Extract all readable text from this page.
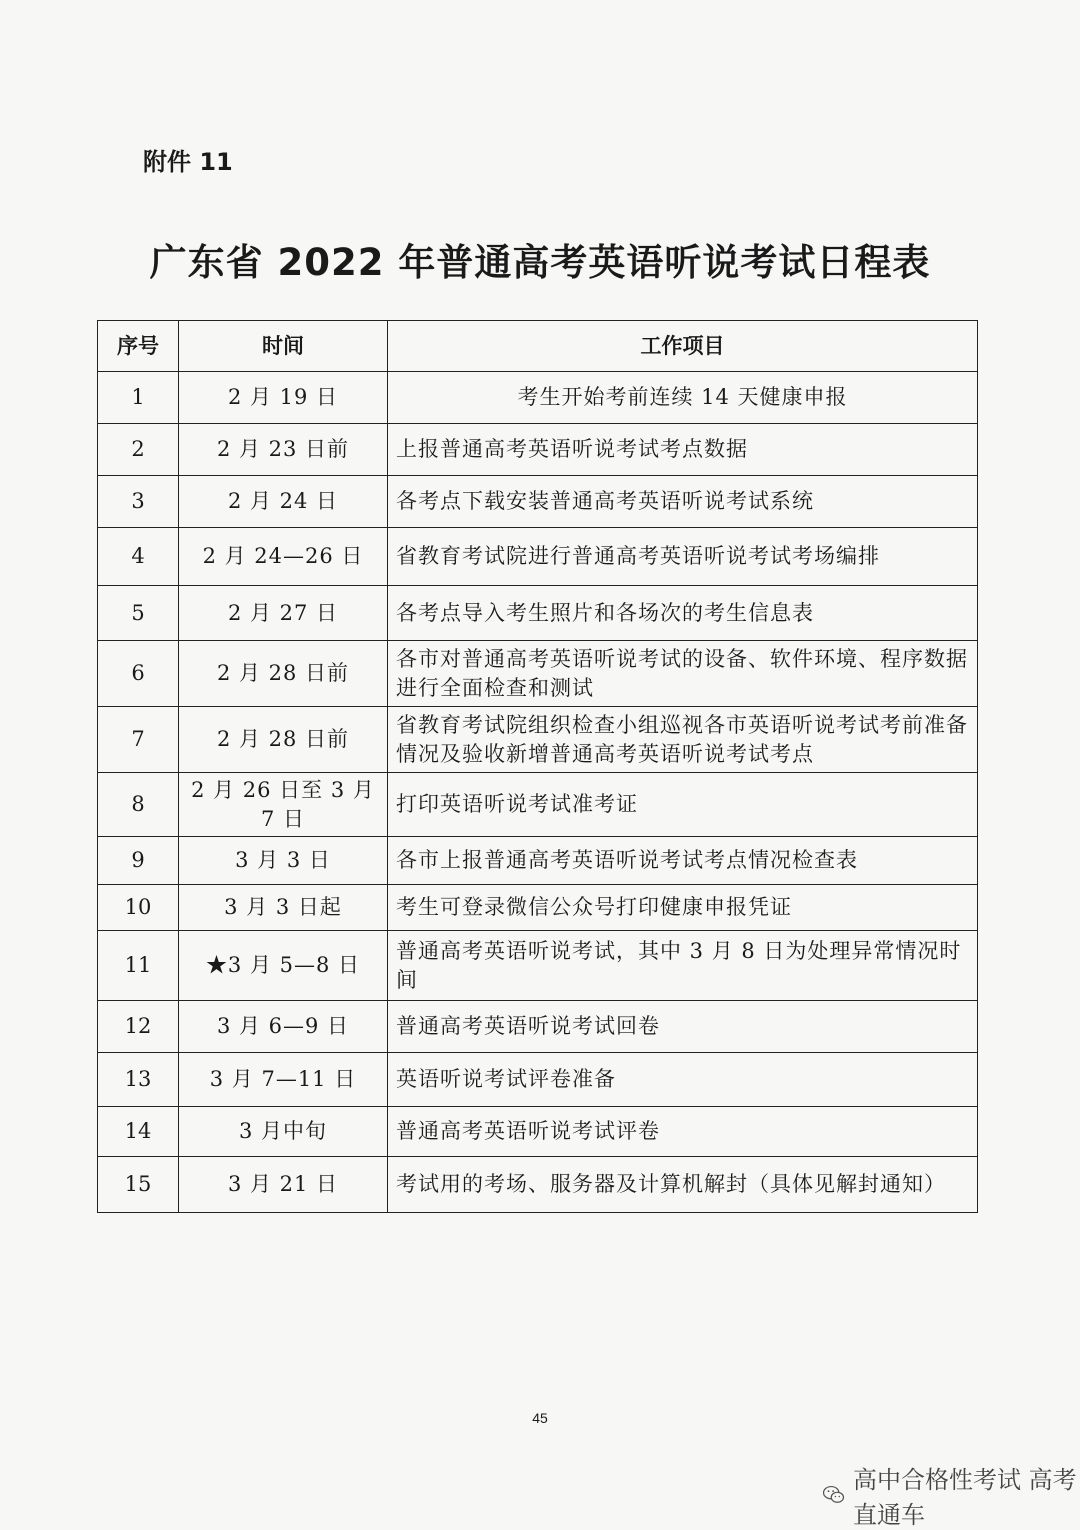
附件 11
广东省 2022 年普通高考英语听说考试日程表
序号	时间	工作项目
1	2 月 19 日	考生开始考前连续 14 天健康申报
2	2 月 23 日前	上报普通高考英语听说考试考点数据
3	2 月 24 日	各考点下载安装普通高考英语听说考试系统
4	2 月 24—26 日	省教育考试院进行普通高考英语听说考试考场编排
5	2 月 27 日	各考点导入考生照片和各场次的考生信息表
6	2 月 28 日前	各市对普通高考英语听说考试的设备、软件环境、程序数据进行全面检查和测试
7	2 月 28 日前	省教育考试院组织检查小组巡视各市英语听说考试考前准备情况及验收新增普通高考英语听说考试考点
8	2 月 26 日至 3 月 7 日	打印英语听说考试准考证
9	3 月 3 日	各市上报普通高考英语听说考试考点情况检查表
10	3 月 3 日起	考生可登录微信公众号打印健康申报凭证
11	★3 月 5—8 日	普通高考英语听说考试，其中 3 月 8 日为处理异常情况时间
12	3 月 6—9 日	普通高考英语听说考试回卷
13	3 月 7—11 日	英语听说考试评卷准备
14	3 月中旬	普通高考英语听说考试评卷
15	3 月 21 日	考试用的考场、服务器及计算机解封（具体见解封通知）
45
高中合格性考试 高考直通车
